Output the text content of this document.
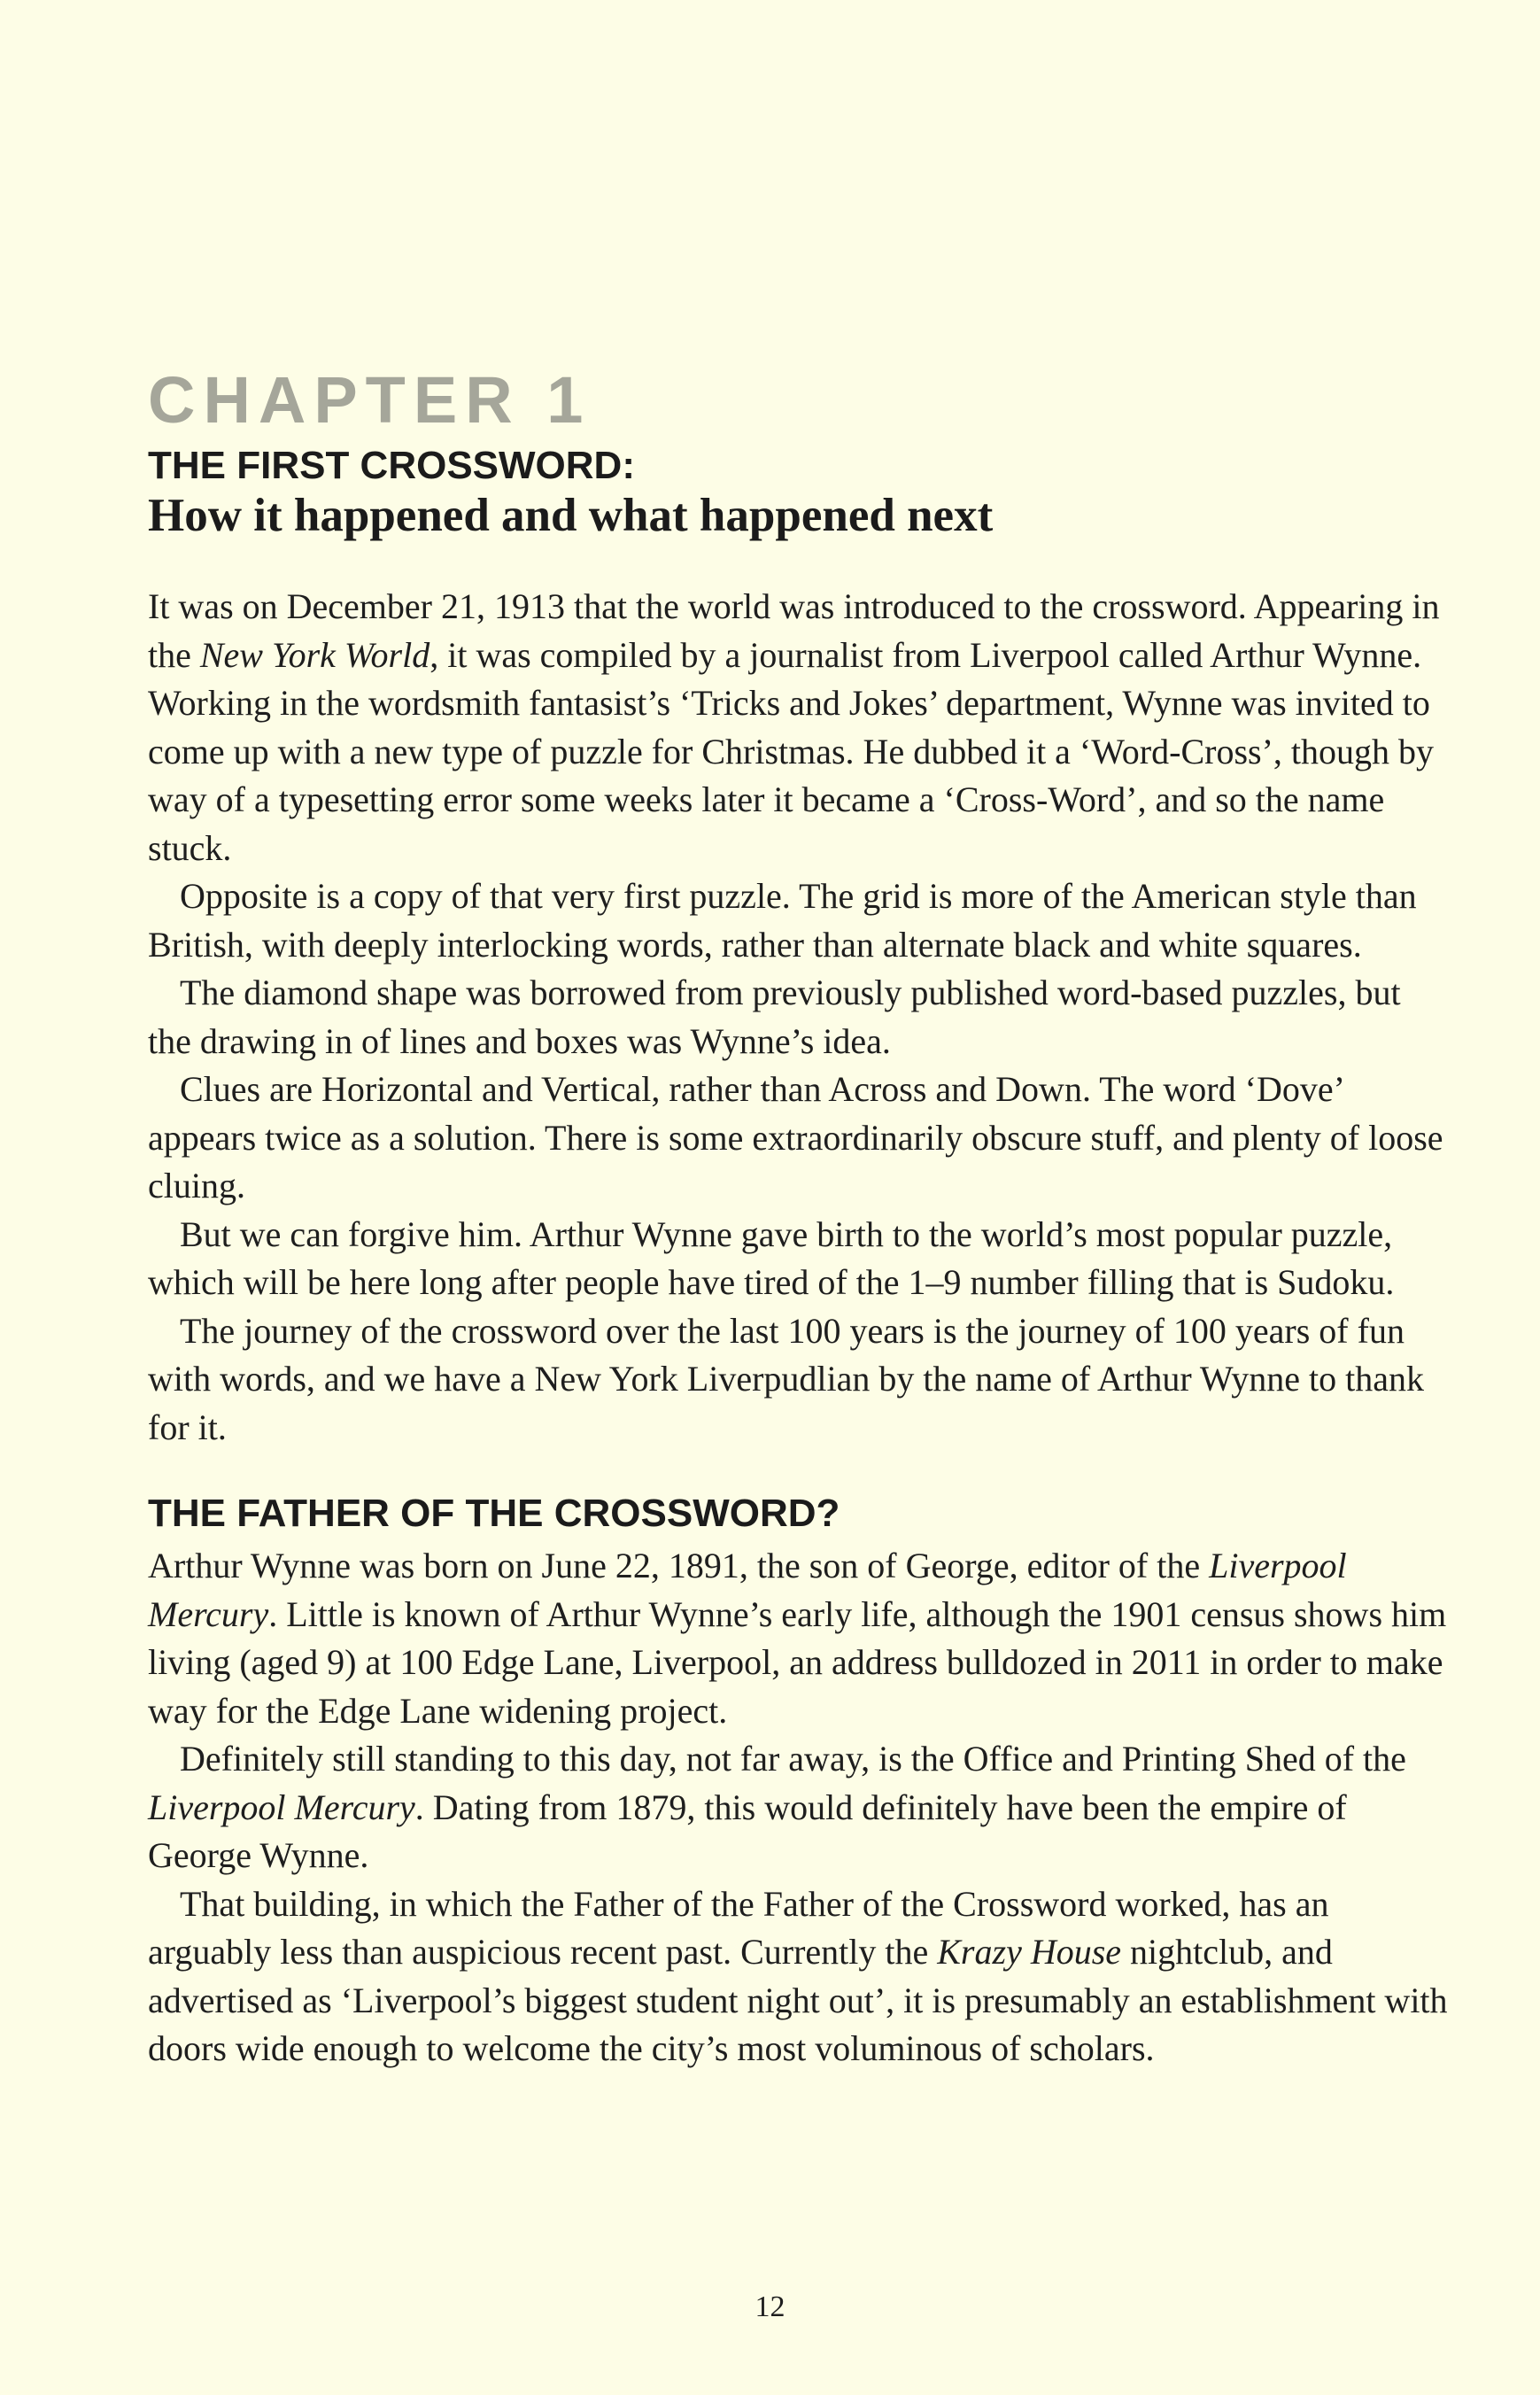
CHAPTER 1
THE FIRST CROSSWORD:
How it happened and what happened next

It was on December 21, 1913 that the world was introduced to the crossword. Appearing in the New York World, it was compiled by a journalist from Liverpool called Arthur Wynne. Working in the wordsmith fantasist’s ‘Tricks and Jokes’ department, Wynne was invited to come up with a new type of puzzle for Christmas. He dubbed it a ‘Word-Cross’, though by way of a typesetting error some weeks later it became a ‘Cross-Word’, and so the name stuck.

Opposite is a copy of that very first puzzle. The grid is more of the American style than British, with deeply interlocking words, rather than alternate black and white squares.

The diamond shape was borrowed from previously published word-based puzzles, but the drawing in of lines and boxes was Wynne’s idea.

Clues are Horizontal and Vertical, rather than Across and Down. The word ‘Dove’ appears twice as a solution. There is some extraordinarily obscure stuff, and plenty of loose cluing.

But we can forgive him. Arthur Wynne gave birth to the world’s most popular puzzle, which will be here long after people have tired of the 1–9 number filling that is Sudoku.

The journey of the crossword over the last 100 years is the journey of 100 years of fun with words, and we have a New York Liverpudlian by the name of Arthur Wynne to thank for it.

THE FATHER OF THE CROSSWORD?

Arthur Wynne was born on June 22, 1891, the son of George, editor of the Liverpool Mercury. Little is known of Arthur Wynne’s early life, although the 1901 census shows him living (aged 9) at 100 Edge Lane, Liverpool, an address bulldozed in 2011 in order to make way for the Edge Lane widening project.

Definitely still standing to this day, not far away, is the Office and Printing Shed of the Liverpool Mercury. Dating from 1879, this would definitely have been the empire of George Wynne.

That building, in which the Father of the Father of the Crossword worked, has an arguably less than auspicious recent past. Currently the Krazy House nightclub, and advertised as ‘Liverpool’s biggest student night out’, it is presumably an establishment with doors wide enough to welcome the city’s most voluminous of scholars.

12
